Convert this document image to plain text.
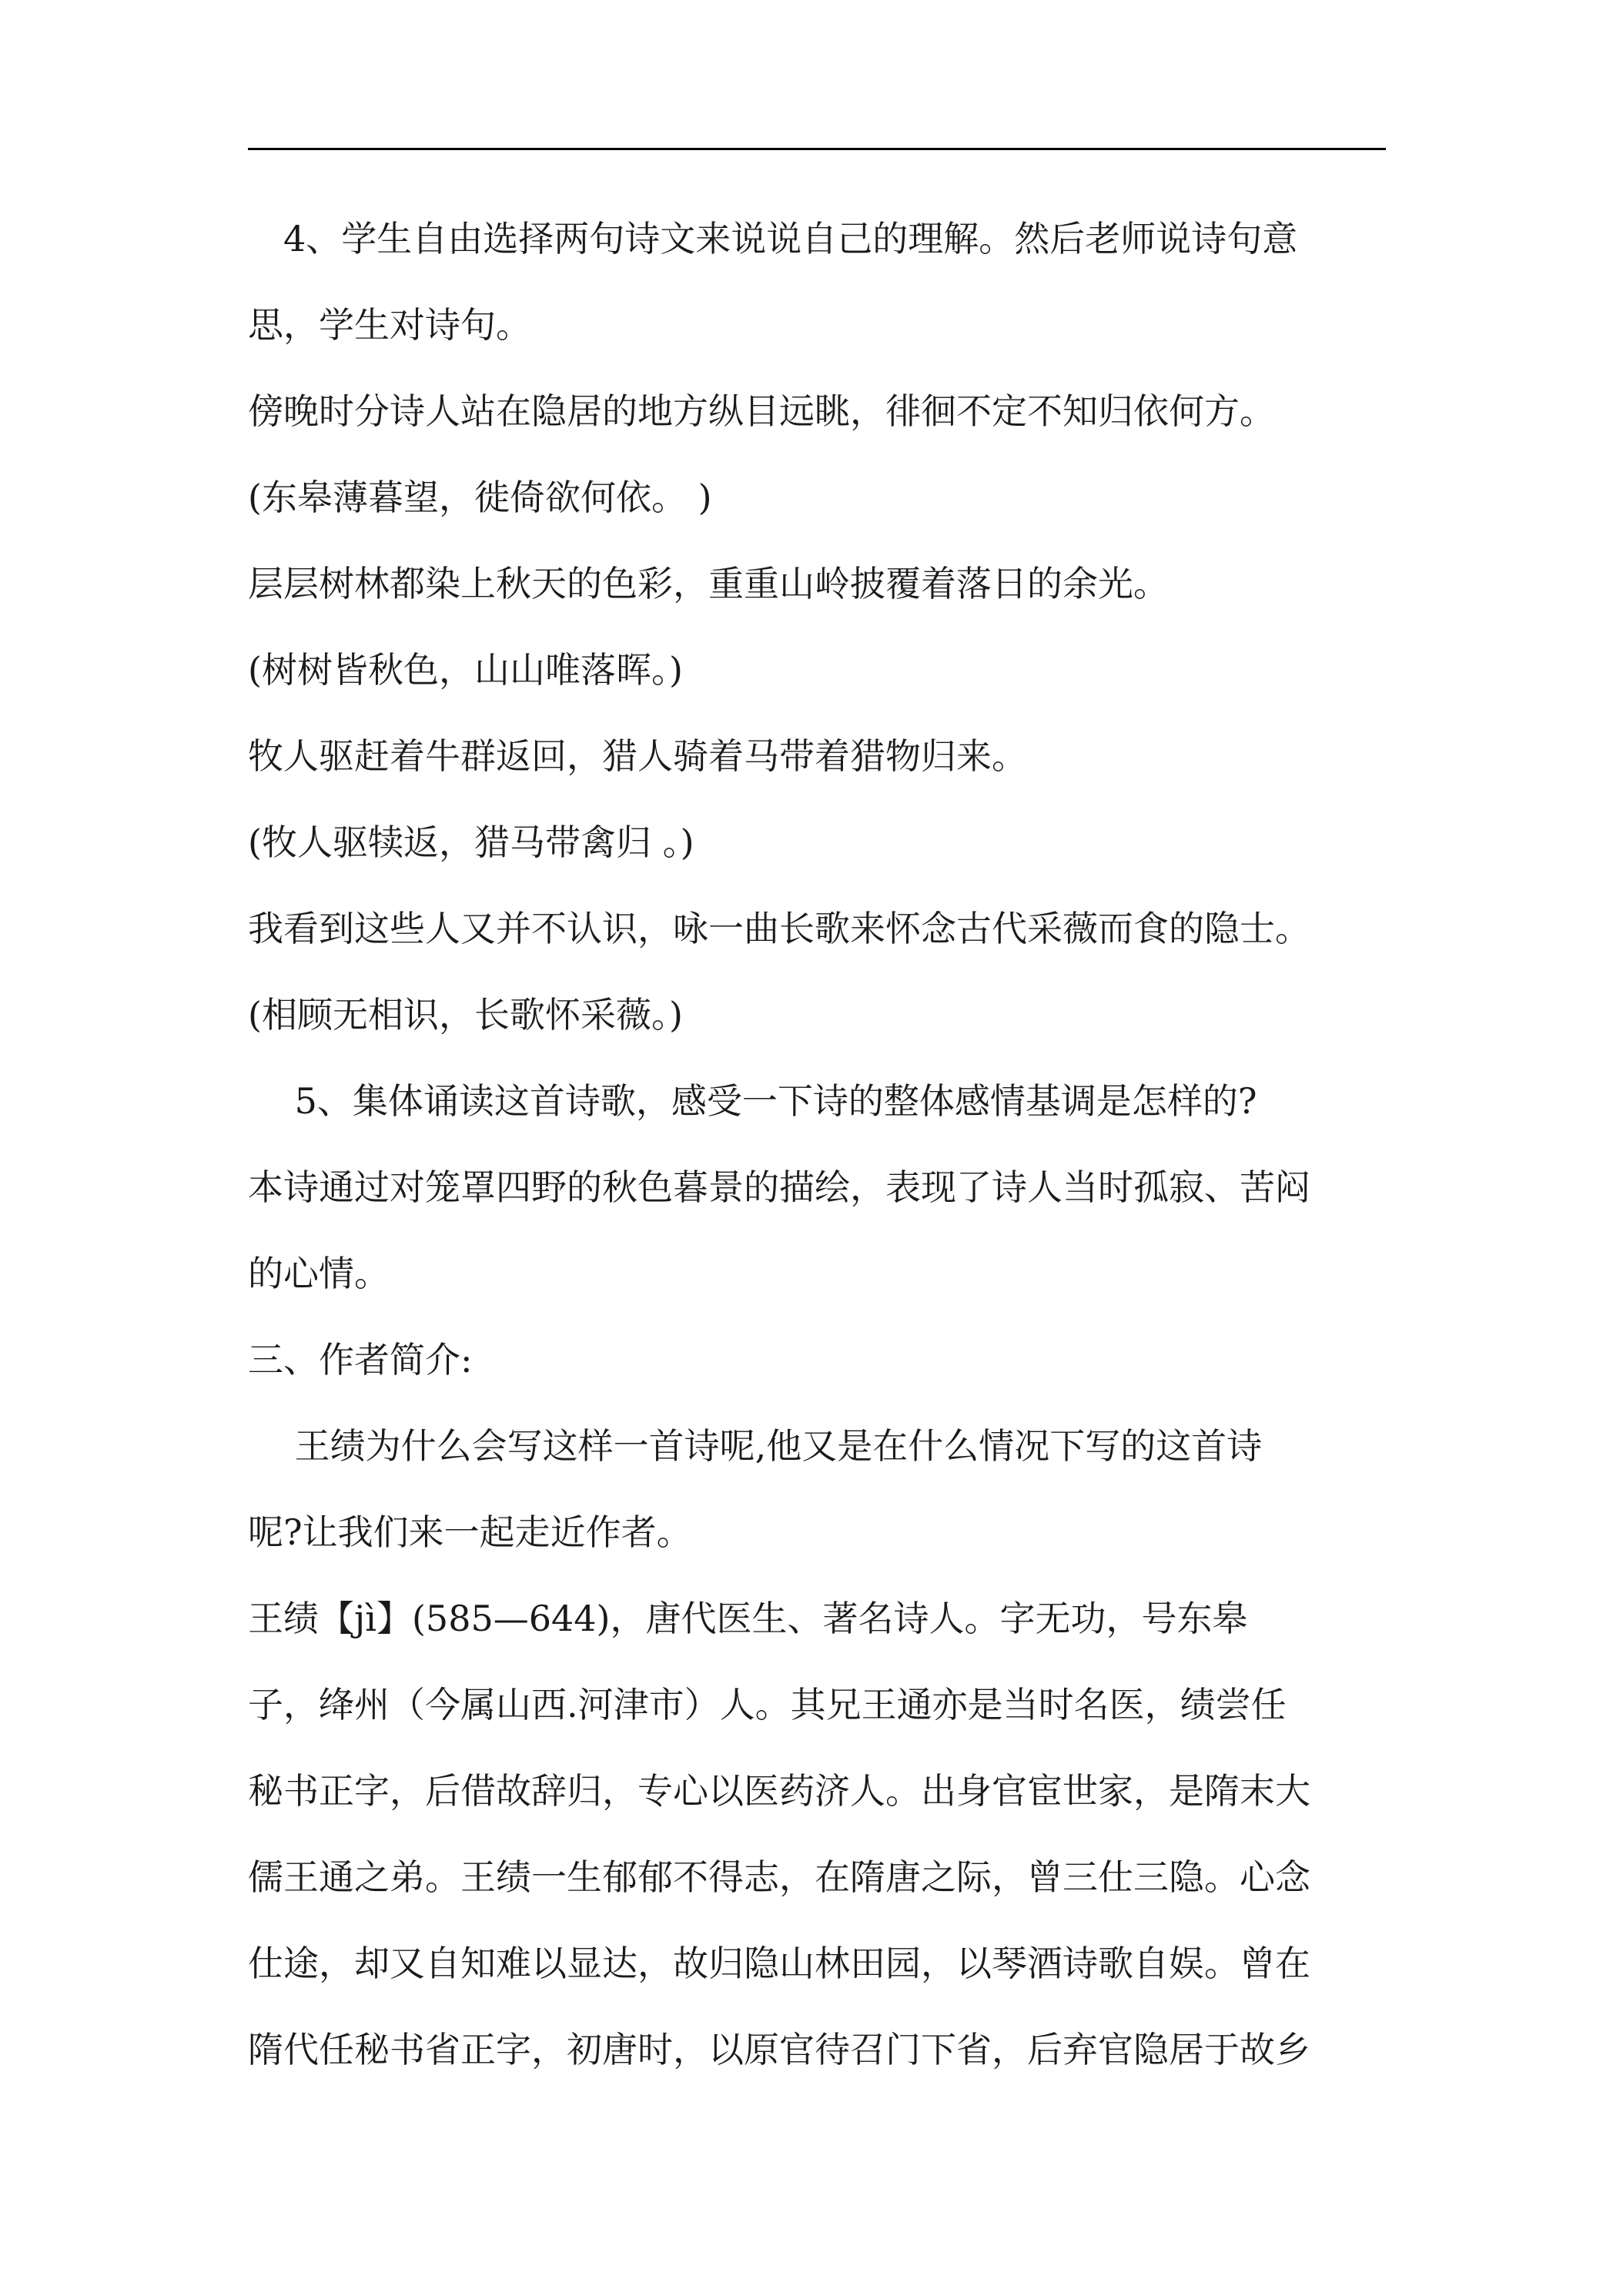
　4、学生自由选择两句诗文来说说自己的理解。然后老师说诗句意
思，学生对诗句。
傍晚时分诗人站在隐居的地方纵目远眺，徘徊不定不知归依何方。
(东皋薄暮望，徙倚欲何依。 )
层层树林都染上秋天的色彩，重重山岭披覆着落日的余光。
(树树皆秋色，山山唯落晖。)
牧人驱赶着牛群返回，猎人骑着马带着猎物归来。
(牧人驱犊返，猎马带禽归 。)
我看到这些人又并不认识，咏一曲长歌来怀念古代采薇而食的隐士。
(相顾无相识，长歌怀采薇。)
　 5、集体诵读这首诗歌，感受一下诗的整体感情基调是怎样的?
本诗通过对笼罩四野的秋色暮景的描绘，表现了诗人当时孤寂、苦闷
的心情。
三、作者简介:
　 王绩为什么会写这样一首诗呢,他又是在什么情况下写的这首诗
呢?让我们来一起走近作者。
王绩【jì】(585—644)，唐代医生、著名诗人。字无功，号东皋
子，绛州（今属山西.河津市）人。其兄王通亦是当时名医，绩尝任
秘书正字，后借故辞归，专心以医药济人。出身官宦世家，是隋末大
儒王通之弟。王绩一生郁郁不得志，在隋唐之际，曾三仕三隐。心念
仕途，却又自知难以显达，故归隐山林田园，以琴酒诗歌自娱。曾在
隋代任秘书省正字，初唐时，以原官待召门下省，后弃官隐居于故乡
